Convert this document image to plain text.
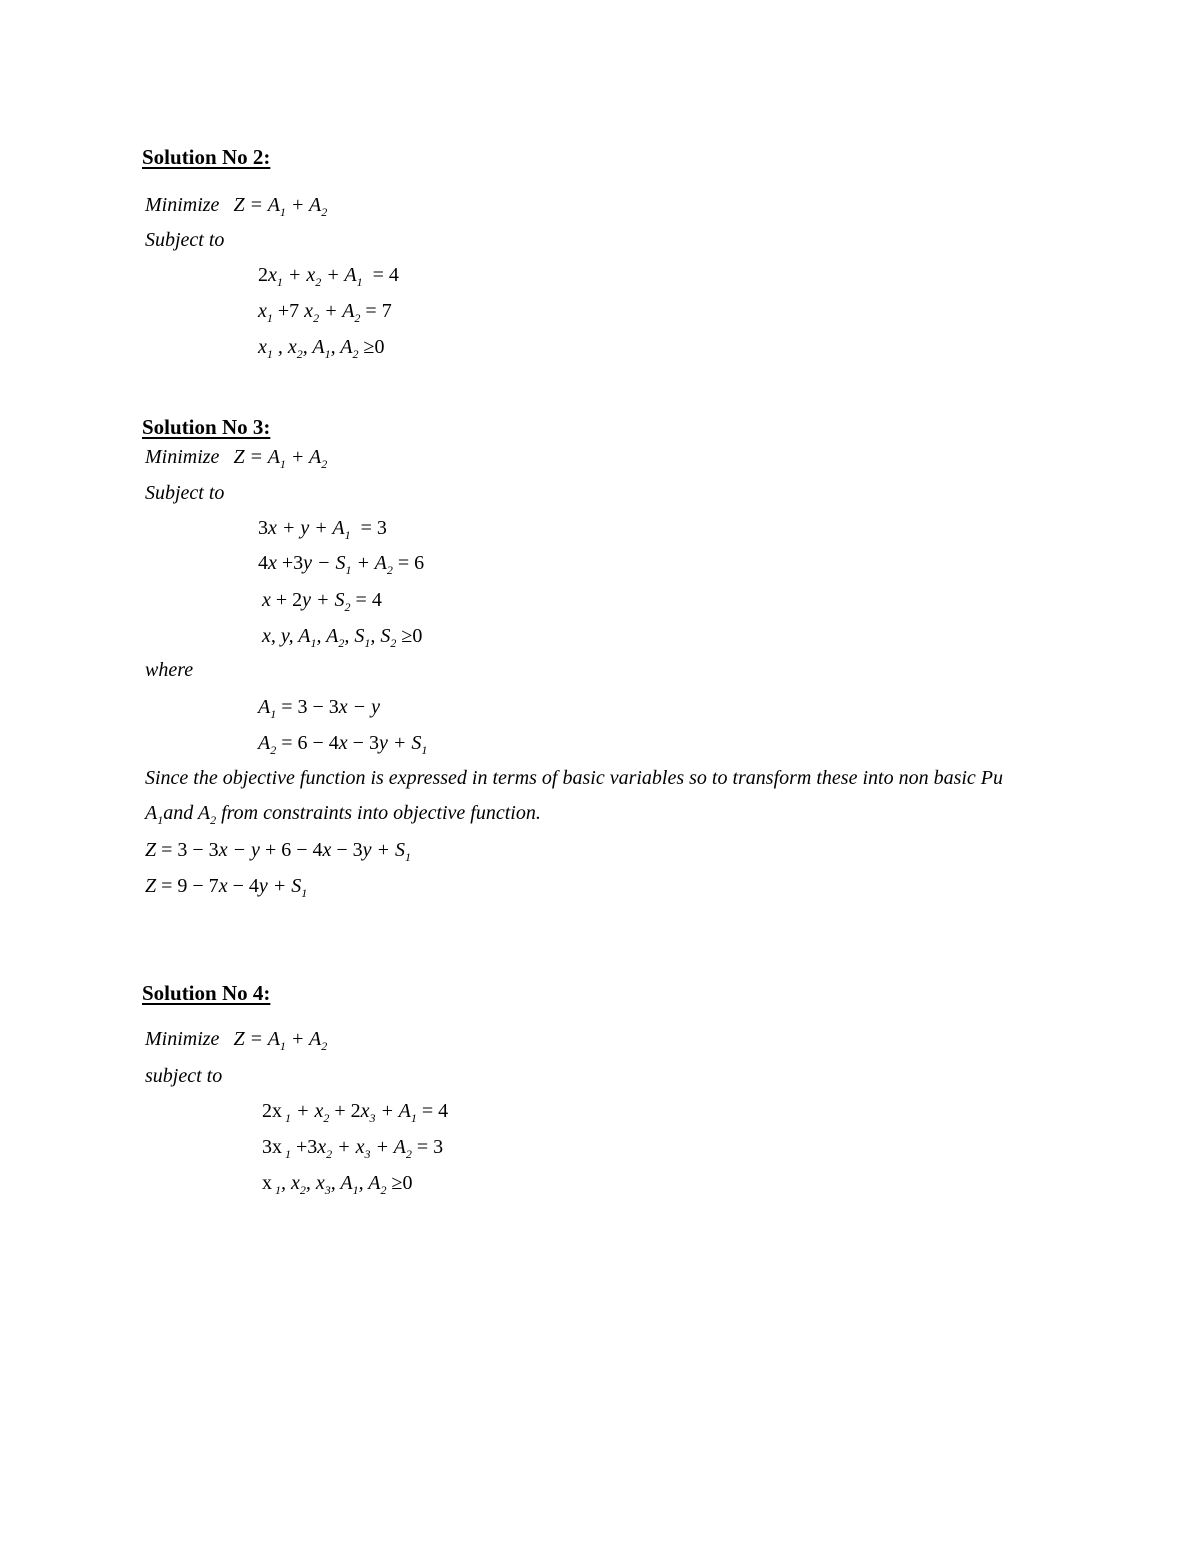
Solution No 2:
Minimize $Z = A_1 + A_2$
Subject to
$2x_1 + x_2 + A_1 = 4$
$x_1 +7$ $x_2 + A_2 = 7$
$x_1$ , $x_2$, $A_1$, $A_2 \ge 0$
Solution No 3:
Minimize $Z = A_1 + A_2$
Subject to
$3x + y + A_1 = 3$
$4x +3y - S_1 + A_2 = 6$
$x + 2y + S_2 = 4$
x, y, $A_1$, $A_2$, $S_1$, $S_2 \ge 0$
where
$A_1 = 3 - 3x - y$
$A_2 = 6 - 4x - 3y + S_1$
Since the objective function is expressed in terms of basic variables so to transform these into non basic Pu
$A_1and$ $A_2$ from constraints into objective function.
$Z = 3 - 3x - y + 6 - 4x - 3y + S_1$
$Z = 9 - 7x - 4y + S_1$
Solution No 4:
Minimize $Z = A_1 + A_2$
subject to
2x $_1 + x_2 + 2x_3 + A_1 = 4$
3x $_1 +3x_2 + x_3 + A_2 = 3$
x $_1$, $x_2$, $x_3$, $A_1$, $A_2 \ge 0$
